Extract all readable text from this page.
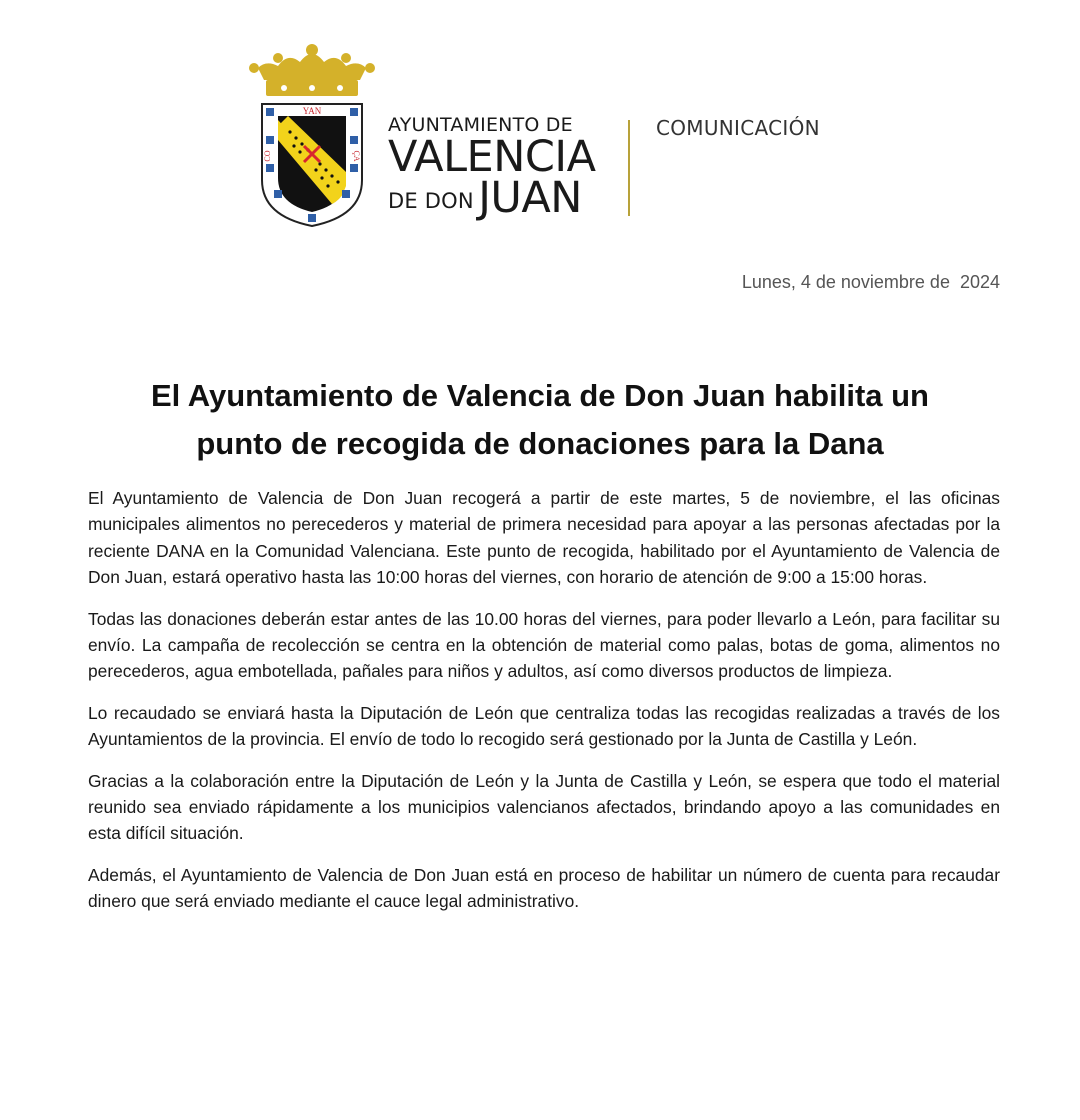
YAN
CO	ÇA
AYUNTAMIENTO DE
VALENCIA
DE DON JUAN
COMUNICACIÓN
Lunes, 4 de noviembre de  2024
El Ayuntamiento de Valencia de Don Juan habilita un
punto de recogida de donaciones para la Dana

El Ayuntamiento de Valencia de Don Juan recogerá a partir de este martes, 5 de noviembre, el las oficinas municipales alimentos no perecederos y material de primera necesidad para apoyar a las personas afectadas por la reciente DANA en la Comunidad Valenciana. Este punto de recogida, habilitado por el Ayuntamiento de Valencia de Don Juan, estará operativo hasta las 10:00 horas del viernes, con horario de atención de 9:00 a 15:00 horas.

Todas las donaciones deberán estar antes de las 10.00 horas del viernes, para poder llevarlo a León, para facilitar su envío. La campaña de recolección se centra en la obtención de material como palas, botas de goma, alimentos no perecederos, agua embotellada, pañales para niños y adultos, así como diversos productos de limpieza.

Lo recaudado se enviará hasta la Diputación de León que centraliza todas las recogidas realizadas a través de los Ayuntamientos de la provincia. El envío de todo lo recogido será gestionado por la Junta de Castilla y León.

Gracias a la colaboración entre la Diputación de León y la Junta de Castilla y León, se espera que todo el material reunido sea enviado rápidamente a los municipios valencianos afectados, brindando apoyo a las comunidades en esta difícil situación.

Además, el Ayuntamiento de Valencia de Don Juan está en proceso de habilitar un número de cuenta para recaudar dinero que será enviado mediante el cauce legal administrativo.
